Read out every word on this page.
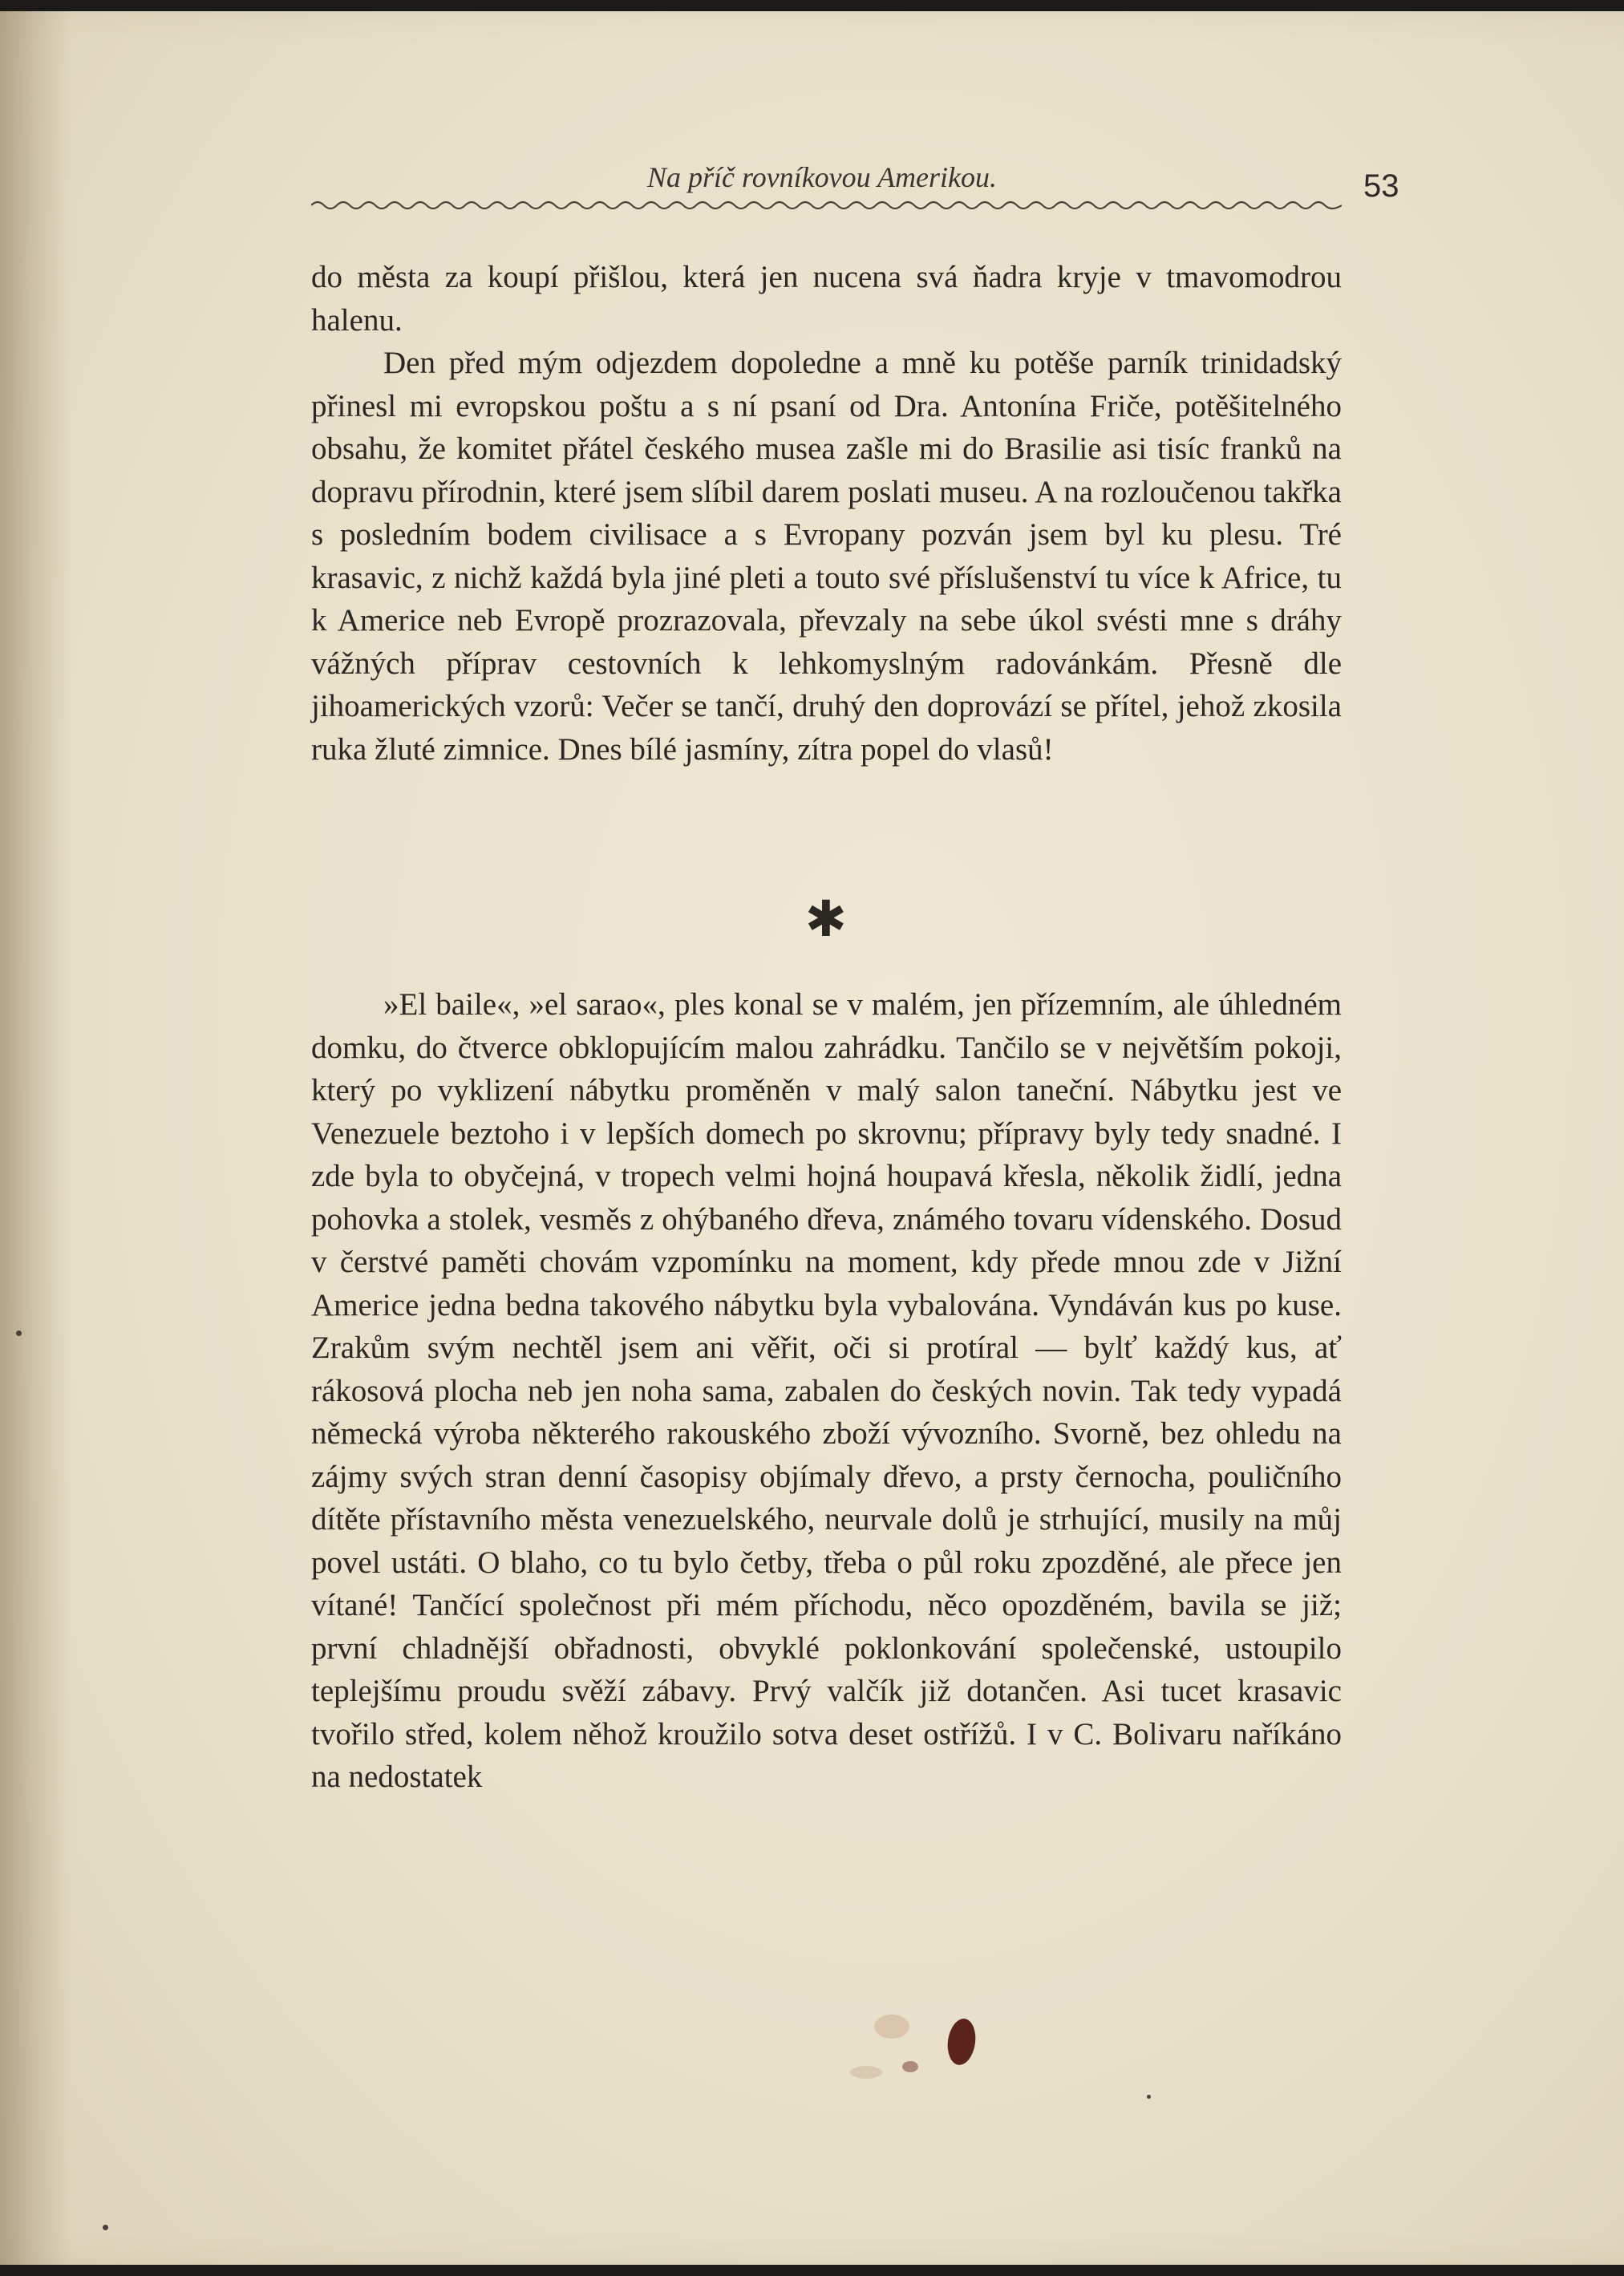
Na příč rovníkovou Amerikou.	53

do města za koupí přišlou, která jen nucena svá ňadra kryje v tmavomodrou halenu.

Den před mým odjezdem dopoledne a mně ku potěše parník trinidadský přinesl mi evropskou poštu a s ní psaní od Dra. Antonína Friče, potěšitelného obsahu, že komitet přátel českého musea zašle mi do Brasilie asi tisíc franků na dopravu přírodnin, které jsem slíbil darem poslati museu. A na rozloučenou takřka s posledním bodem civilisace a s Evropany pozván jsem byl ku plesu. Tré krasavic, z nichž každá byla jiné pleti a touto své příslušenství tu více k Africe, tu k Americe neb Evropě prozrazovala, převzaly na sebe úkol svésti mne s dráhy vážných příprav cestovních k lehkomyslným radovánkám. Přesně dle jihoamerických vzorů: Večer se tančí, druhý den doprovází se přítel, jehož zkosila ruka žluté zimnice. Dnes bílé jasmíny, zítra popel do vlasů!

✱

»El baile«, »el sarao«, ples konal se v malém, jen přízemním, ale úhledném domku, do čtverce obklopujícím malou zahrádku. Tančilo se v největším pokoji, který po vyklizení nábytku proměněn v malý salon taneční. Nábytku jest ve Venezuele beztoho i v lepších domech po skrovnu; přípravy byly tedy snadné. I zde byla to obyčejná, v tropech velmi hojná houpavá křesla, několik židlí, jedna pohovka a stolek, vesměs z ohýbaného dřeva, známého tovaru vídenského. Dosud v čerstvé paměti chovám vzpomínku na moment, kdy přede mnou zde v Jižní Americe jedna bedna takového nábytku byla vybalována. Vyndáván kus po kuse. Zrakům svým nechtěl jsem ani věřit, oči si protíral — bylť každý kus, ať rákosová plocha neb jen noha sama, zabalen do českých novin. Tak tedy vypadá německá výroba některého rakouského zboží vývozního. Svorně, bez ohledu na zájmy svých stran denní časopisy objímaly dřevo, a prsty černocha, pouličního dítěte přístavního města venezuelského, neurvale dolů je strhující, musily na můj povel ustáti. O blaho, co tu bylo četby, třeba o půl roku zpozděné, ale přece jen vítané! Tančící společnost při mém příchodu, něco opozděném, bavila se již; první chladnější obřadnosti, obvyklé poklonkování společenské, ustoupilo teplejšímu proudu svěží zábavy. Prvý valčík již dotančen. Asi tucet krasavic tvořilo střed, kolem něhož kroužilo sotva deset ostřížů. I v C. Bolivaru naříkáno na nedostatek
